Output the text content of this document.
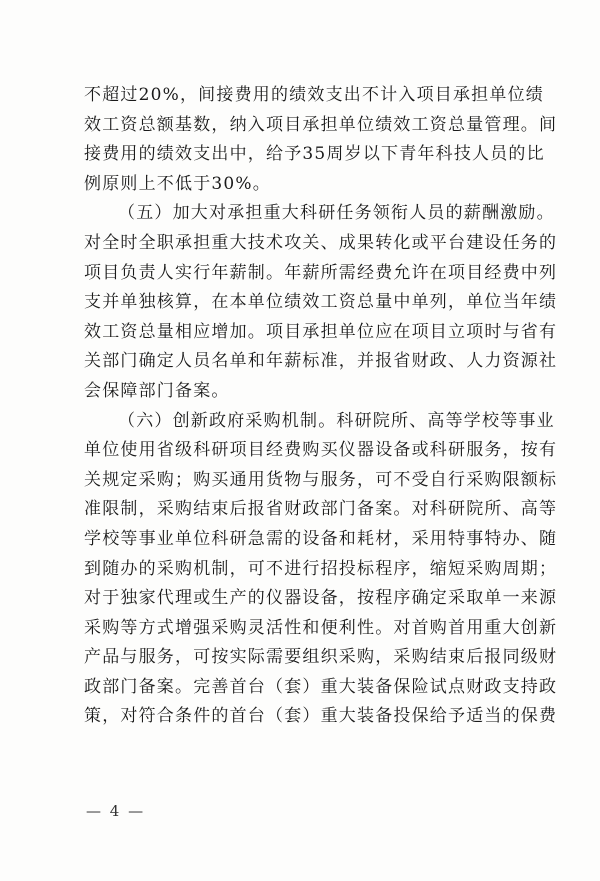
不超过20%，间接费用的绩效支出不计入项目承担单位绩
效工资总额基数，纳入项目承担单位绩效工资总量管理。间
接费用的绩效支出中，给予35周岁以下青年科技人员的比
例原则上不低于30%。
（五）加大对承担重大科研任务领衔人员的薪酬激励。
对全时全职承担重大技术攻关、成果转化或平台建设任务的
项目负责人实行年薪制。年薪所需经费允许在项目经费中列
支并单独核算，在本单位绩效工资总量中单列，单位当年绩
效工资总量相应增加。项目承担单位应在项目立项时与省有
关部门确定人员名单和年薪标准，并报省财政、人力资源社
会保障部门备案。
（六）创新政府采购机制。科研院所、高等学校等事业
单位使用省级科研项目经费购买仪器设备或科研服务，按有
关规定采购；购买通用货物与服务，可不受自行采购限额标
准限制，采购结束后报省财政部门备案。对科研院所、高等
学校等事业单位科研急需的设备和耗材，采用特事特办、随
到随办的采购机制，可不进行招投标程序，缩短采购周期；
对于独家代理或生产的仪器设备，按程序确定采取单一来源
采购等方式增强采购灵活性和便利性。对首购首用重大创新
产品与服务，可按实际需要组织采购，采购结束后报同级财
政部门备案。完善首台（套）重大装备保险试点财政支持政
策，对符合条件的首台（套）重大装备投保给予适当的保费
— 4 —
